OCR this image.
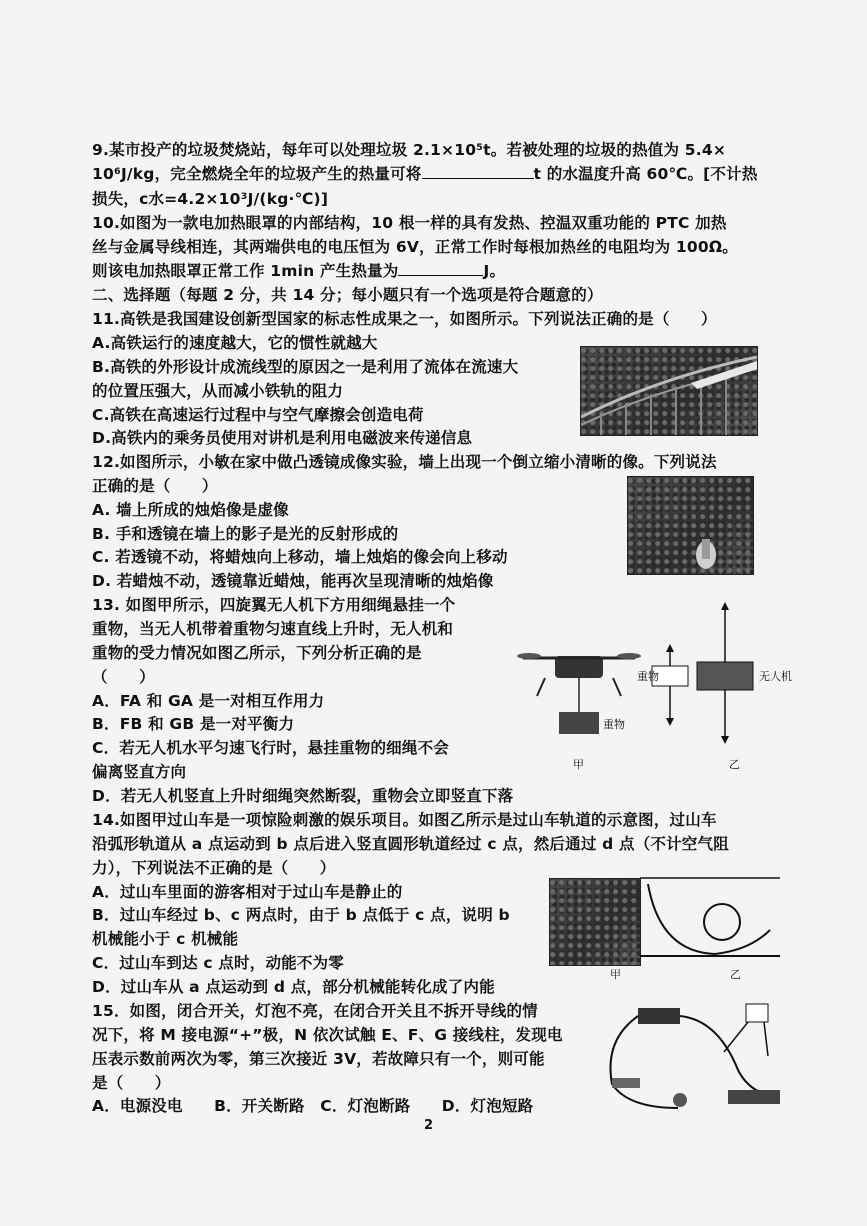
9.某市投产的垃圾焚烧站，每年可以处理垃圾 2.1×10⁵t。若被处理的垃圾的热值为 5.4×
10⁶J/kg，完全燃烧全年的垃圾产生的热量可将	t 的水温度升高 60℃。[不计热
损失，c水=4.2×10³J/(kg·℃)]
10.如图为一款电加热眼罩的内部结构，10 根一样的具有发热、控温双重功能的 PTC 加热
丝与金属导线相连，其两端供电的电压恒为 6V，正常工作时每根加热丝的电阻均为 100Ω。
则该电加热眼罩正常工作 1min 产生热量为	J。
二、选择题（每题 2 分，共 14 分；每小题只有一个选项是符合题意的）
11.高铁是我国建设创新型国家的标志性成果之一，如图所示。下列说法正确的是（　　）
A.高铁运行的速度越大，它的惯性就越大
B.高铁的外形设计成流线型的原因之一是利用了流体在流速大
的位置压强大，从而减小铁轨的阻力
C.高铁在高速运行过程中与空气摩擦会创造电荷
D.高铁内的乘务员使用对讲机是利用电磁波来传递信息
12.如图所示，小敏在家中做凸透镜成像实验，墙上出现一个倒立缩小清晰的像。下列说法
正确的是（　　）
A. 墙上所成的烛焰像是虚像
B. 手和透镜在墙上的影子是光的反射形成的
C. 若透镜不动，将蜡烛向上移动，墙上烛焰的像会向上移动
D. 若蜡烛不动，透镜靠近蜡烛，能再次呈现清晰的烛焰像
13. 如图甲所示，四旋翼无人机下方用细绳悬挂一个
重物，当无人机带着重物匀速直线上升时，无人机和
重物的受力情况如图乙所示，下列分析正确的是
（　　）
A．FA 和 GA 是一对相互作用力
B．FB 和 GB 是一对平衡力
C．若无人机水平匀速飞行时，悬挂重物的细绳不会
偏离竖直方向
D．若无人机竖直上升时细绳突然断裂，重物会立即竖直下落
重物
甲
重物	无人机
乙
14.如图甲过山车是一项惊险刺激的娱乐项目。如图乙所示是过山车轨道的示意图，过山车
沿弧形轨道从 a 点运动到 b 点后进入竖直圆形轨道经过 c 点，然后通过 d 点（不计空气阻
力），下列说法不正确的是（　　）
A．过山车里面的游客相对于过山车是静止的
B．过山车经过 b、c 两点时，由于 b 点低于 c 点，说明 b
机械能小于 c 机械能
C．过山车到达 c 点时，动能不为零
D．过山车从 a 点运动到 d 点，部分机械能转化成了内能
甲	乙
15．如图，闭合开关，灯泡不亮，在闭合开关且不拆开导线的情
况下，将 M 接电源“+”极，N 依次试触 E、F、G 接线柱，发现电
压表示数前两次为零，第三次接近 3V，若故障只有一个，则可能
是（　　）
A．电源没电　　B．开关断路　C．灯泡断路　　D．灯泡短路
2
